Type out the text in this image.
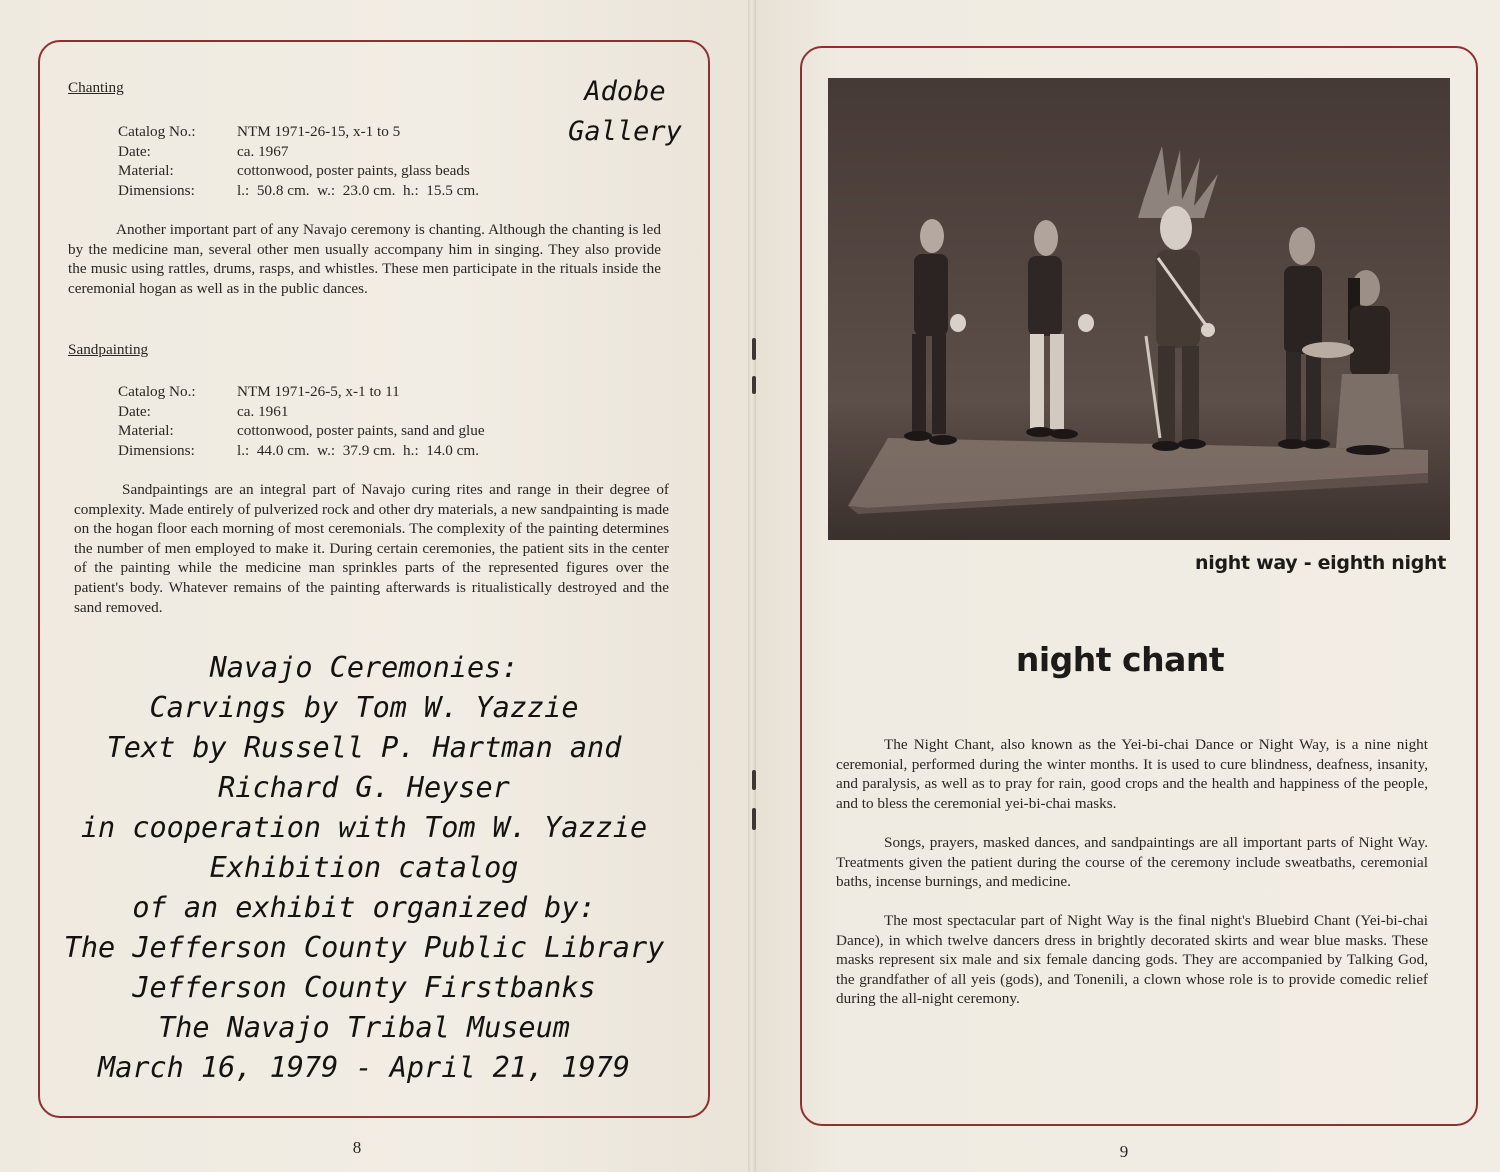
Adobe
Gallery
Chanting
Catalog No.:	NTM 1971-26-15, x-1 to 5
Date:	ca. 1967
Material:	cottonwood, poster paints, glass beads
Dimensions:	l.:  50.8 cm.  w.:  23.0 cm.  h.:  15.5 cm.
Another important part of any Navajo ceremony is chanting. Although the chanting is led by the medicine man, several other men usually accompany him in singing. They also provide the music using rattles, drums, rasps, and whistles. These men participate in the rituals inside the ceremonial hogan as well as in the public dances.
Sandpainting
Catalog No.:	NTM 1971-26-5, x-1 to 11
Date:	ca. 1961
Material:	cottonwood, poster paints, sand and glue
Dimensions:	l.:  44.0 cm.  w.:  37.9 cm.  h.:  14.0 cm.
Sandpaintings are an integral part of Navajo curing rites and range in their degree of complexity. Made entirely of pulverized rock and other dry materials, a new sandpainting is made on the hogan floor each morning of most ceremonials. The complexity of the painting determines the number of men employed to make it. During certain ceremonies, the patient sits in the center of the painting while the medicine man sprinkles parts of the represented figures over the patient's body. Whatever remains of the painting afterwards is ritualistically destroyed and the sand removed.
Navajo Ceremonies:
Carvings by Tom W. Yazzie
Text by Russell P. Hartman and
Richard G. Heyser
in cooperation with Tom W. Yazzie
Exhibition catalog
of an exhibit organized by:
The Jefferson County Public Library
Jefferson County Firstbanks
The Navajo Tribal Museum
March 16, 1979 - April 21, 1979
8
night way - eighth night
night chant
The Night Chant, also known as the Yei-bi-chai Dance or Night Way, is a nine night ceremonial, performed during the winter months. It is used to cure blindness, deafness, insanity, and paralysis, as well as to pray for rain, good crops and the health and happiness of the people, and to bless the ceremonial yei-bi-chai masks.
Songs, prayers, masked dances, and sandpaintings are all important parts of Night Way. Treatments given the patient during the course of the ceremony include sweatbaths, ceremonial baths, incense burnings, and medicine.
The most spectacular part of Night Way is the final night's Bluebird Chant (Yei-bi-chai Dance), in which twelve dancers dress in brightly decorated skirts and wear blue masks. These masks represent six male and six female dancing gods. They are accompanied by Talking God, the grandfather of all yeis (gods), and Tonenili, a clown whose role is to provide comedic relief during the all-night ceremony.
9
